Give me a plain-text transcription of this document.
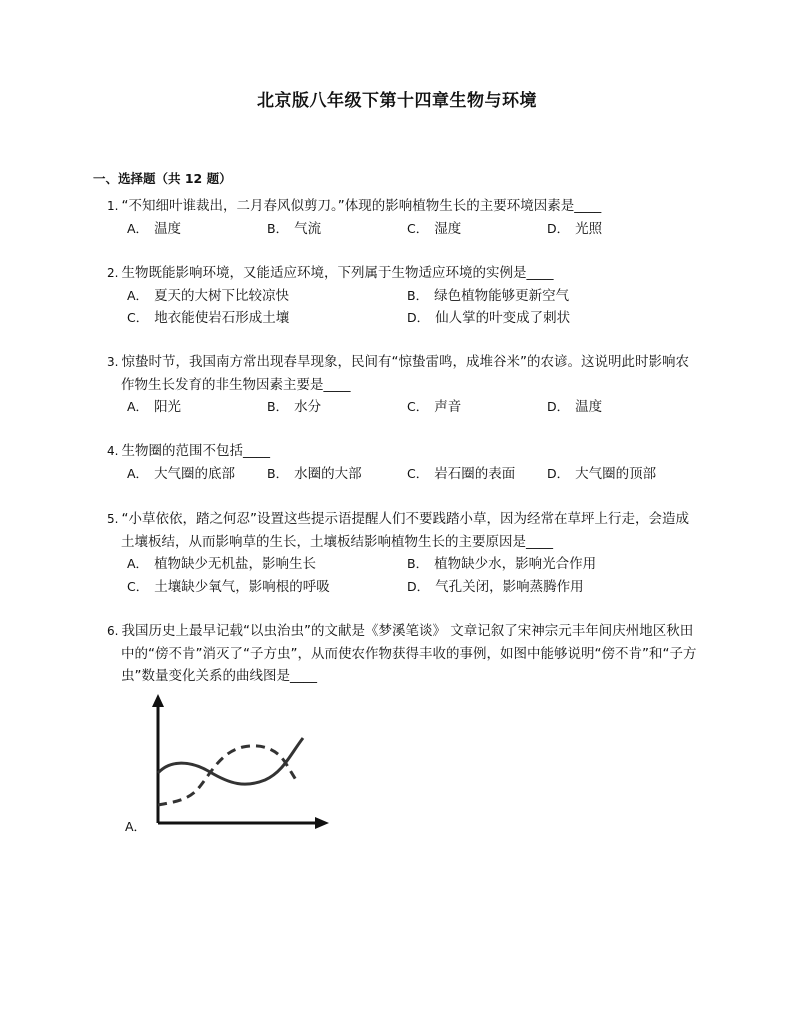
北京版八年级下第十四章生物与环境
一、选择题（共 12 题）

1. “不知细叶谁裁出，二月春风似剪刀。”体现的影响植物生长的主要环境因素是____

A． 温度	B． 气流	C． 湿度	D． 光照

2. 生物既能影响环境，又能适应环境，下列属于生物适应环境的实例是____

A． 夏天的大树下比较凉快	B． 绿色植物能够更新空气
C． 地衣能使岩石形成土壤	D． 仙人掌的叶变成了刺状

3. 惊蛰时节，我国南方常出现春旱现象，民间有“惊蛰雷鸣，成堆谷米”的农谚。这说明此时影响农

作物生长发育的非生物因素主要是____

A． 阳光	B． 水分	C． 声音	D． 温度

4. 生物圈的范围不包括____

A． 大气圈的底部	B． 水圈的大部	C． 岩石圈的表面	D． 大气圈的顶部

5. “小草依依，踏之何忍”设置这些提示语提醒人们不要践踏小草，因为经常在草坪上行走，会造成

土壤板结，从而影响草的生长，土壤板结影响植物生长的主要原因是____

A． 植物缺少无机盐，影响生长	B． 植物缺少水，影响光合作用
C． 土壤缺少氧气，影响根的呼吸	D． 气孔关闭，影响蒸腾作用

6. 我国历史上最早记载“以虫治虫”的文献是《梦溪笔谈》 文章记叙了宋神宗元丰年间庆州地区秋田

中的“傍不肯”消灭了“子方虫”，从而使农作物获得丰收的事例，如图中能够说明“傍不肯”和“子方

虫”数量变化关系的曲线图是____

A．
